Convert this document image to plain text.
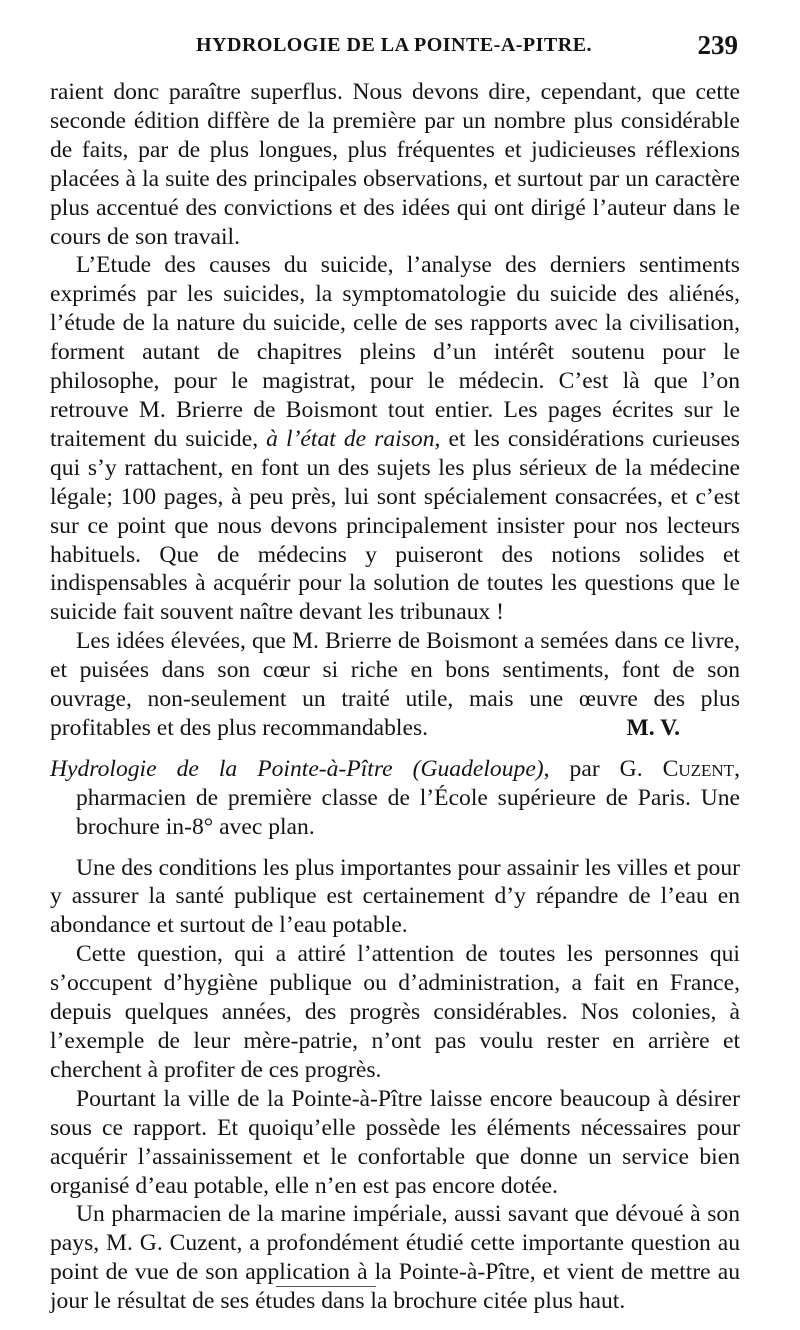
HYDROLOGIE DE LA POINTE-A-PITRE.	239

raient donc paraître superflus. Nous devons dire, cependant, que cette seconde édition diffère de la première par un nombre plus considérable de faits, par de plus longues, plus fréquentes et judicieuses réflexions placées à la suite des principales observations, et surtout par un caractère plus accentué des convictions et des idées qui ont dirigé l’auteur dans le cours de son travail.

L’Etude des causes du suicide, l’analyse des derniers sentiments exprimés par les suicides, la symptomatologie du suicide des aliénés, l’étude de la nature du suicide, celle de ses rapports avec la civilisation, forment autant de chapitres pleins d’un intérêt soutenu pour le philosophe, pour le magistrat, pour le médecin. C’est là que l’on retrouve M. Brierre de Boismont tout entier. Les pages écrites sur le traitement du suicide, à l’état de raison, et les considérations curieuses qui s’y rattachent, en font un des sujets les plus sérieux de la médecine légale; 100 pages, à peu près, lui sont spécialement consacrées, et c’est sur ce point que nous devons principalement insister pour nos lecteurs habituels. Que de médecins y puiseront des notions solides et indispensables à acquérir pour la solution de toutes les questions que le suicide fait souvent naître devant les tribunaux !

Les idées élevées, que M. Brierre de Boismont a semées dans ce livre, et puisées dans son cœur si riche en bons sentiments, font de son ouvrage, non-seulement un traité utile, mais une œuvre des plus profitables et des plus recommandables.	M. V.

Hydrologie de la Pointe-à-Pître (Guadeloupe), par G. Cuzent, pharmacien de première classe de l’École supérieure de Paris. Une brochure in-8° avec plan.

Une des conditions les plus importantes pour assainir les villes et pour y assurer la santé publique est certainement d’y répandre de l’eau en abondance et surtout de l’eau potable.

Cette question, qui a attiré l’attention de toutes les personnes qui s’occupent d’hygiène publique ou d’administration, a fait en France, depuis quelques années, des progrès considérables. Nos colonies, à l’exemple de leur mère-patrie, n’ont pas voulu rester en arrière et cherchent à profiter de ces progrès.

Pourtant la ville de la Pointe-à-Pître laisse encore beaucoup à désirer sous ce rapport. Et quoiqu’elle possède les éléments nécessaires pour acquérir l’assainissement et le confortable que donne un service bien organisé d’eau potable, elle n’en est pas encore dotée.

Un pharmacien de la marine impériale, aussi savant que dévoué à son pays, M. G. Cuzent, a profondément étudié cette importante question au point de vue de son application à la Pointe-à-Pître, et vient de mettre au jour le résultat de ses études dans la brochure citée plus haut.
